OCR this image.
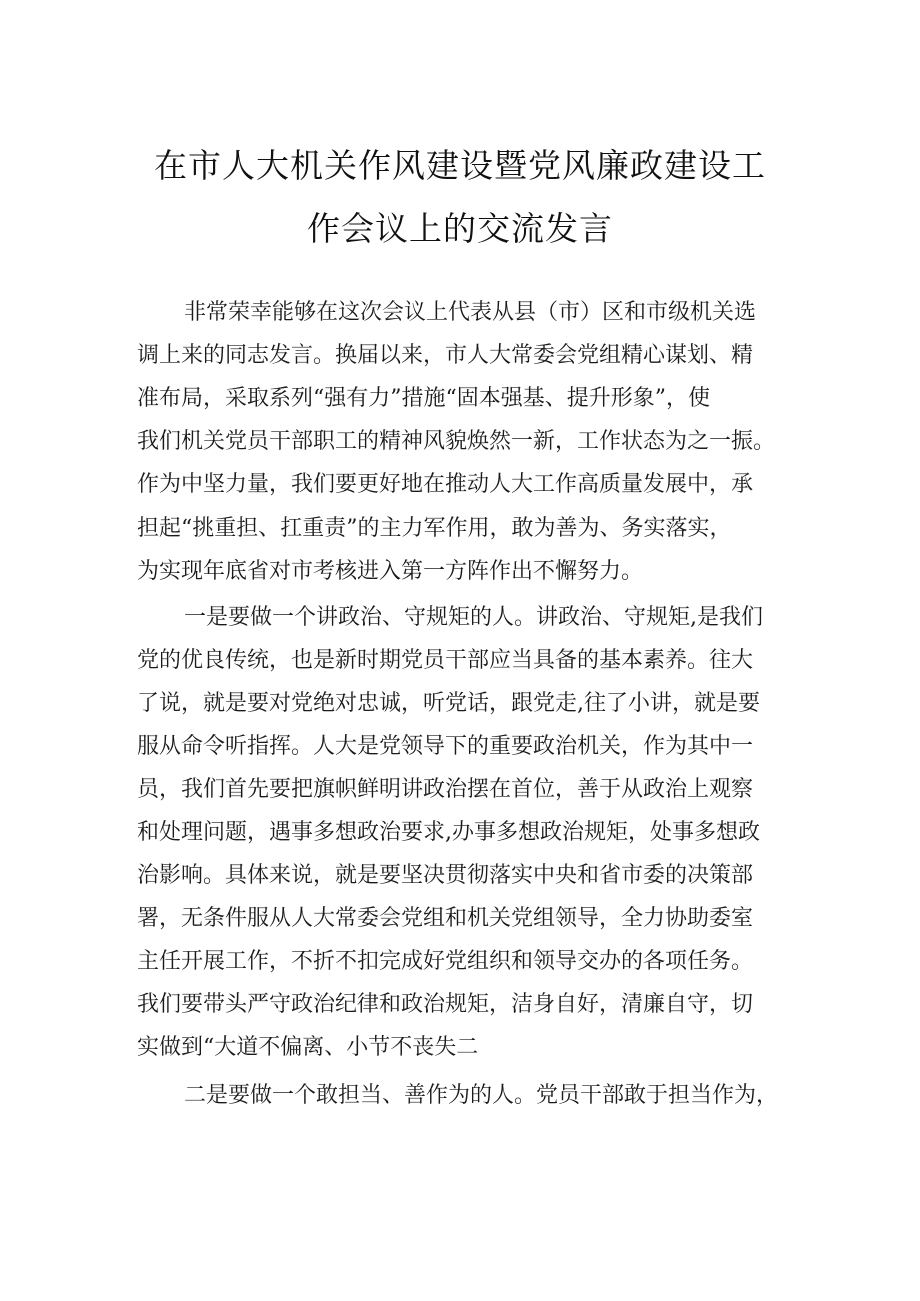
在市人大机关作风建设暨党风廉政建设工
作会议上的交流发言
非常荣幸能够在这次会议上代表从县（市）区和市级机关选
调上来的同志发言。换届以来，市人大常委会党组精心谋划、精
准布局，采取系列“强有力”措施“固本强基、提升形象”，使
我们机关党员干部职工的精神风貌焕然一新，工作状态为之一振。
作为中坚力量，我们要更好地在推动人大工作高质量发展中，承
担起“挑重担、扛重责”的主力军作用，敢为善为、务实落实，
为实现年底省对市考核进入第一方阵作出不懈努力。
一是要做一个讲政治、守规矩的人。讲政治、守规矩,是我们
党的优良传统，也是新时期党员干部应当具备的基本素养。往大
了说，就是要对党绝对忠诚，听党话，跟党走,往了小讲，就是要
服从命令听指挥。人大是党领导下的重要政治机关，作为其中一
员，我们首先要把旗帜鲜明讲政治摆在首位，善于从政治上观察
和处理问题，遇事多想政治要求,办事多想政治规矩，处事多想政
治影响。具体来说，就是要坚决贯彻落实中央和省市委的决策部
署，无条件服从人大常委会党组和机关党组领导，全力协助委室
主任开展工作，不折不扣完成好党组织和领导交办的各项任务。
我们要带头严守政治纪律和政治规矩，洁身自好，清廉自守，切
实做到“大道不偏离、小节不丧失二
二是要做一个敢担当、善作为的人。党员干部敢于担当作为，
